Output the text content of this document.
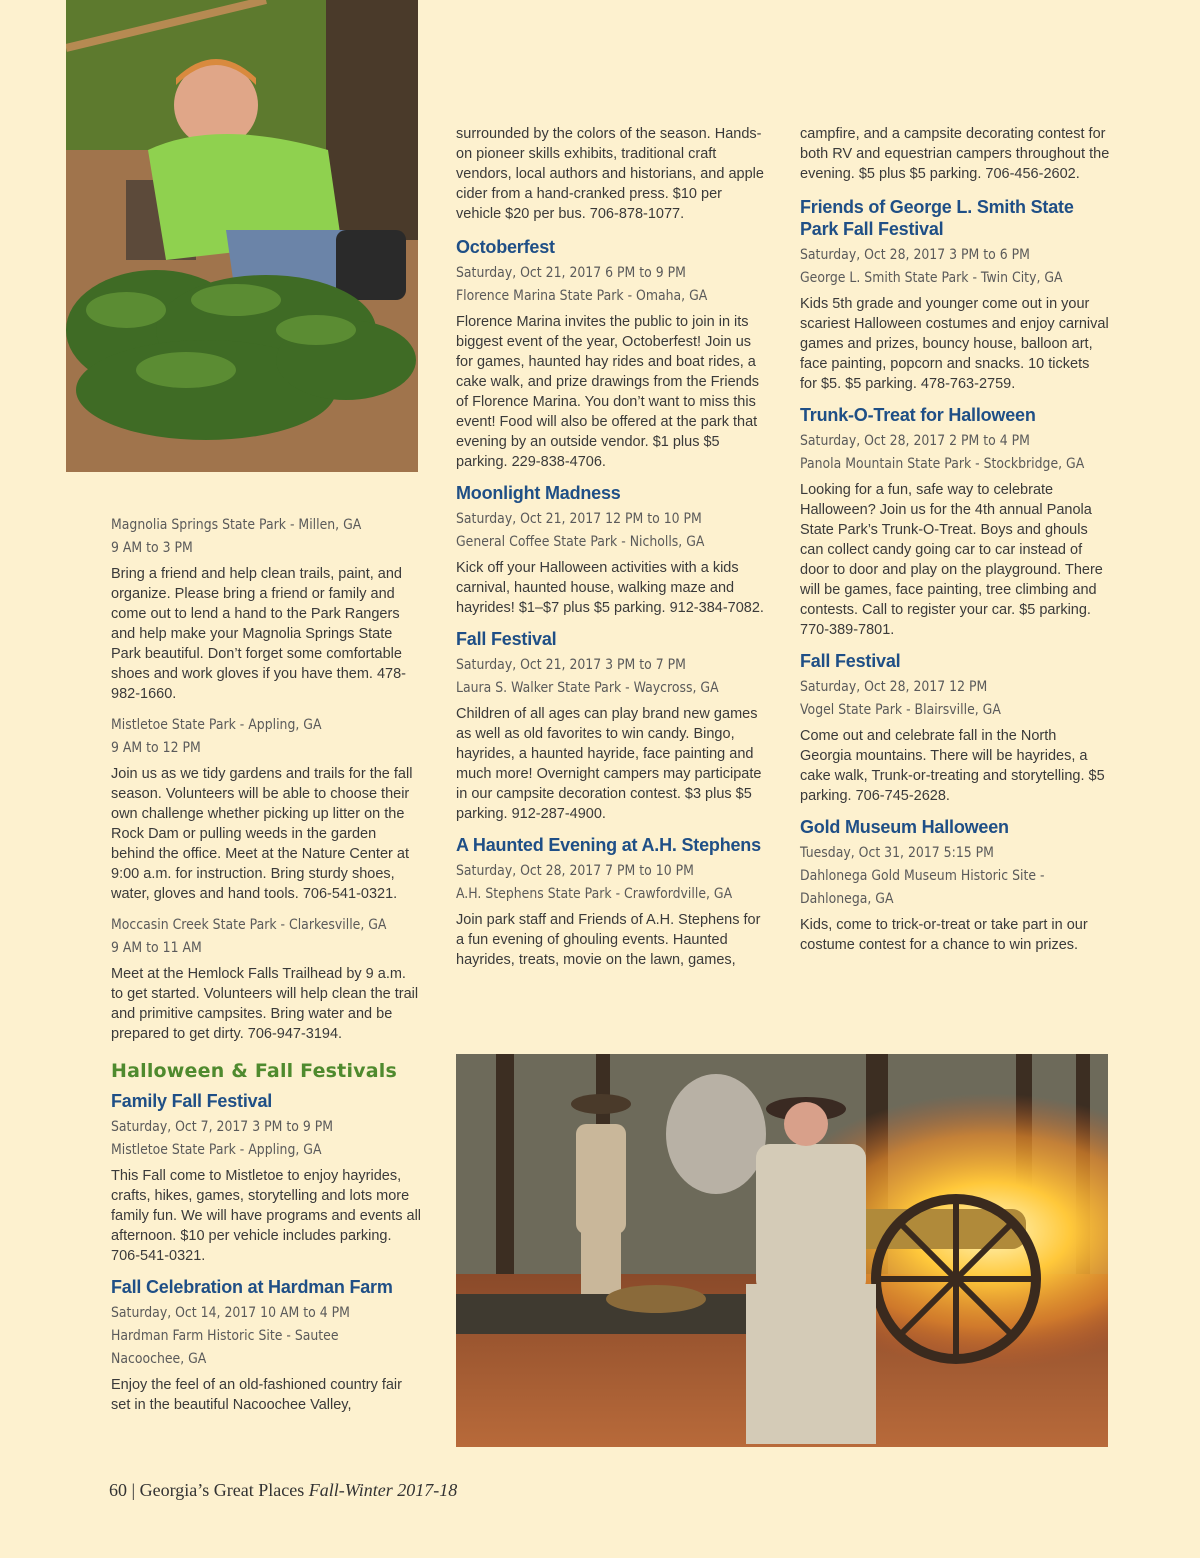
Magnolia Springs State Park - Millen, GA
9 AM to 3 PM

Bring a friend and help clean trails, paint, and organize. Please bring a friend or family and come out to lend a hand to the Park Rangers and help make your Magnolia Springs State Park beautiful. Don’t forget some comfortable shoes and work gloves if you have them. 478-982-1660.

Mistletoe State Park - Appling, GA
9 AM to 12 PM

Join us as we tidy gardens and trails for the fall season. Volunteers will be able to choose their own challenge whether picking up litter on the Rock Dam or pulling weeds in the garden behind the office. Meet at the Nature Center at 9:00 a.m. for instruction. Bring sturdy shoes, water, gloves and hand tools. 706-541-0321.

Moccasin Creek State Park - Clarkesville, GA
9 AM to 11 AM

Meet at the Hemlock Falls Trailhead by 9 a.m. to get started. Volunteers will help clean the trail and primitive campsites. Bring water and be prepared to get dirty. 706-947-3194.

Halloween & Fall Festivals
Family Fall Festival
Saturday, Oct 7, 2017 3 PM to 9 PM
Mistletoe State Park - Appling, GA

This Fall come to Mistletoe to enjoy hayrides, crafts, hikes, games, storytelling and lots more family fun. We will have programs and events all afternoon. $10 per vehicle includes parking. 706-541-0321.

Fall Celebration at Hardman Farm
Saturday, Oct 14, 2017 10 AM to 4 PM
Hardman Farm Historic Site - Sautee
Nacoochee, GA

Enjoy the feel of an old-fashioned country fair set in the beautiful Nacoochee Valley,

surrounded by the colors of the season. Hands-on pioneer skills exhibits, traditional craft vendors, local authors and historians, and apple cider from a hand-cranked press. $10 per vehicle $20 per bus. 706-878-1077.

Octoberfest
Saturday, Oct 21, 2017 6 PM to 9 PM
Florence Marina State Park - Omaha, GA

Florence Marina invites the public to join in its biggest event of the year, Octoberfest! Join us for games, haunted hay rides and boat rides, a cake walk, and prize drawings from the Friends of Florence Marina. You don’t want to miss this event! Food will also be offered at the park that evening by an outside vendor. $1 plus $5 parking. 229-838-4706.

Moonlight Madness
Saturday, Oct 21, 2017 12 PM to 10 PM
General Coffee State Park - Nicholls, GA

Kick off your Halloween activities with a kids carnival, haunted house, walking maze and hayrides! $1–$7 plus $5 parking. 912-384-7082.

Fall Festival
Saturday, Oct 21, 2017 3 PM to 7 PM
Laura S. Walker State Park - Waycross, GA

Children of all ages can play brand new games as well as old favorites to win candy. Bingo, hayrides, a haunted hayride, face painting and much more! Overnight campers may participate in our campsite decoration contest. $3 plus $5 parking. 912-287-4900.

A Haunted Evening at A.H. Stephens
Saturday, Oct 28, 2017 7 PM to 10 PM
A.H. Stephens State Park - Crawfordville, GA

Join park staff and Friends of A.H. Stephens for a fun evening of ghouling events. Haunted hayrides, treats, movie on the lawn, games,

campfire, and a campsite decorating contest for both RV and equestrian campers throughout the evening. $5 plus $5 parking. 706-456-2602.

Friends of George L. Smith State Park Fall Festival
Saturday, Oct 28, 2017 3 PM to 6 PM
George L. Smith State Park - Twin City, GA

Kids 5th grade and younger come out in your scariest Halloween costumes and enjoy carnival games and prizes, bouncy house, balloon art, face painting, popcorn and snacks. 10 tickets for $5. $5 parking. 478-763-2759.

Trunk-O-Treat for Halloween
Saturday, Oct 28, 2017 2 PM to 4 PM
Panola Mountain State Park - Stockbridge, GA

Looking for a fun, safe way to celebrate Halloween? Join us for the 4th annual Panola State Park’s Trunk-O-Treat. Boys and ghouls can collect candy going car to car instead of door to door and play on the playground. There will be games, face painting, tree climbing and contests. Call to register your car. $5 parking. 770-389-7801.

Fall Festival
Saturday, Oct 28, 2017 12 PM
Vogel State Park - Blairsville, GA

Come out and celebrate fall in the North Georgia mountains. There will be hayrides, a cake walk, Trunk-or-treating and storytelling. $5 parking. 706-745-2628.

Gold Museum Halloween
Tuesday, Oct 31, 2017 5:15 PM
Dahlonega Gold Museum Historic Site -
Dahlonega, GA

Kids, come to trick-or-treat or take part in our costume contest for a chance to win prizes.

60 | Georgia’s Great Places Fall-Winter 2017-18
